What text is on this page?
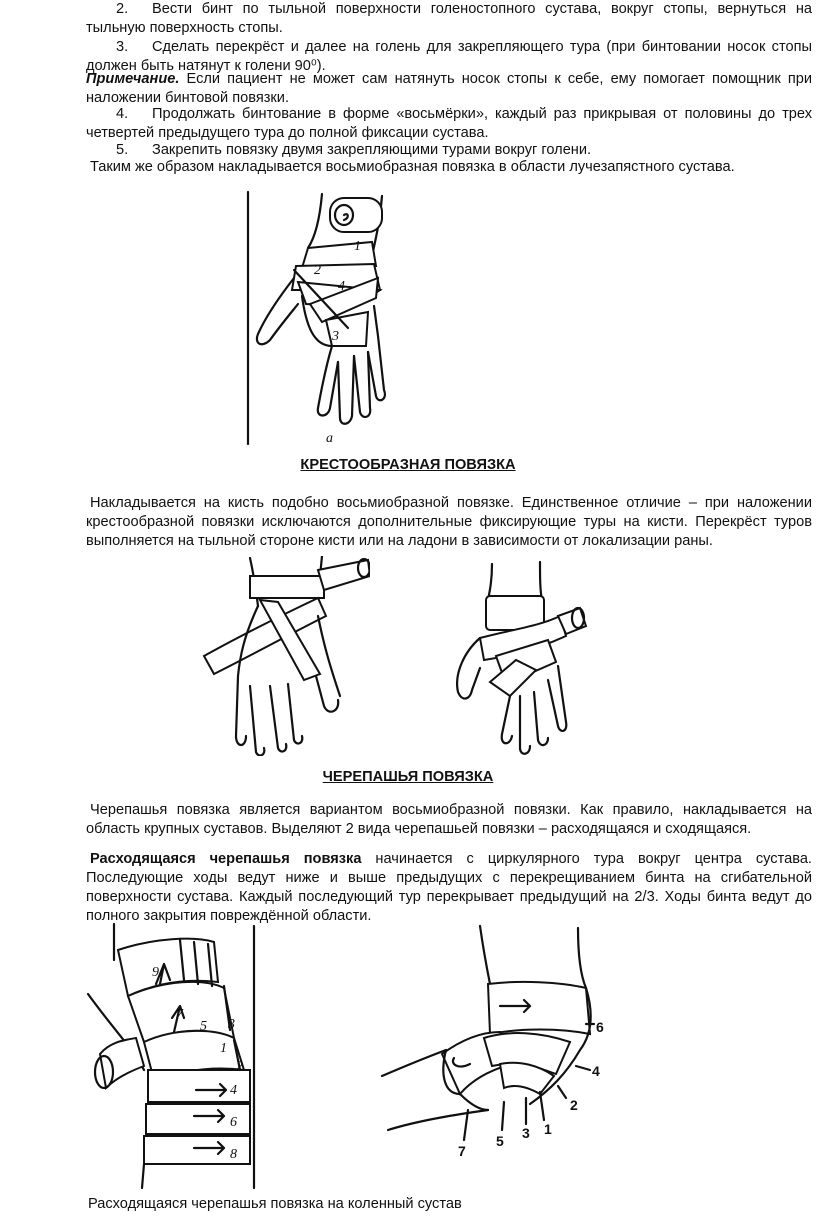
2. Вести бинт по тыльной поверхности голеностопного сустава, вокруг стопы, вернуться на тыльную поверхность стопы.
3. Сделать перекрёст и далее на голень для закрепляющего тура (при бинтовании носок стопы должен быть натянут к голени 90⁰).
Примечание. Если пациент не может сам натянуть носок стопы к себе, ему помогает помощник при наложении бинтовой повязки.
4. Продолжать бинтование в форме «восьмёрки», каждый раз прикрывая от половины до трех четвертей предыдущего тура до полной фиксации сустава.
5. Закрепить повязку двумя закрепляющими турами вокруг голени.
Таким же образом накладывается восьмиобразная повязка в области лучезапястного сустава.
1
2
3
4
а
КРЕСТООБРАЗНАЯ ПОВЯЗКА
Накладывается на кисть подобно восьмиобразной повязке. Единственное отличие – при наложении крестообразной повязки исключаются дополнительные фиксирующие туры на кисти. Перекрёст туров выполняется на тыльной стороне кисти или на ладони в зависимости от локализации раны.
ЧЕРЕПАШЬЯ ПОВЯЗКА
Черепашья повязка является вариантом восьмиобразной повязки. Как правило, накладывается на область крупных суставов. Выделяют 2 вида черепашьей повязки – расходящаяся и сходящаяся.
Расходящаяся черепашья повязка начинается с циркулярного тура вокруг центра сустава. Последующие ходы ведут ниже и выше предыдущих с перекрещиванием бинта на сгибательной поверхности сустава. Каждый последующий тур перекрывает предыдущий на 2/3. Ходы бинта ведут до полного закрытия повреждённой области.
9
7
5 3
1
2
4
6
8
6
4
2
1
3
5
7
Расходящаяся черепашья повязка на коленный сустав
